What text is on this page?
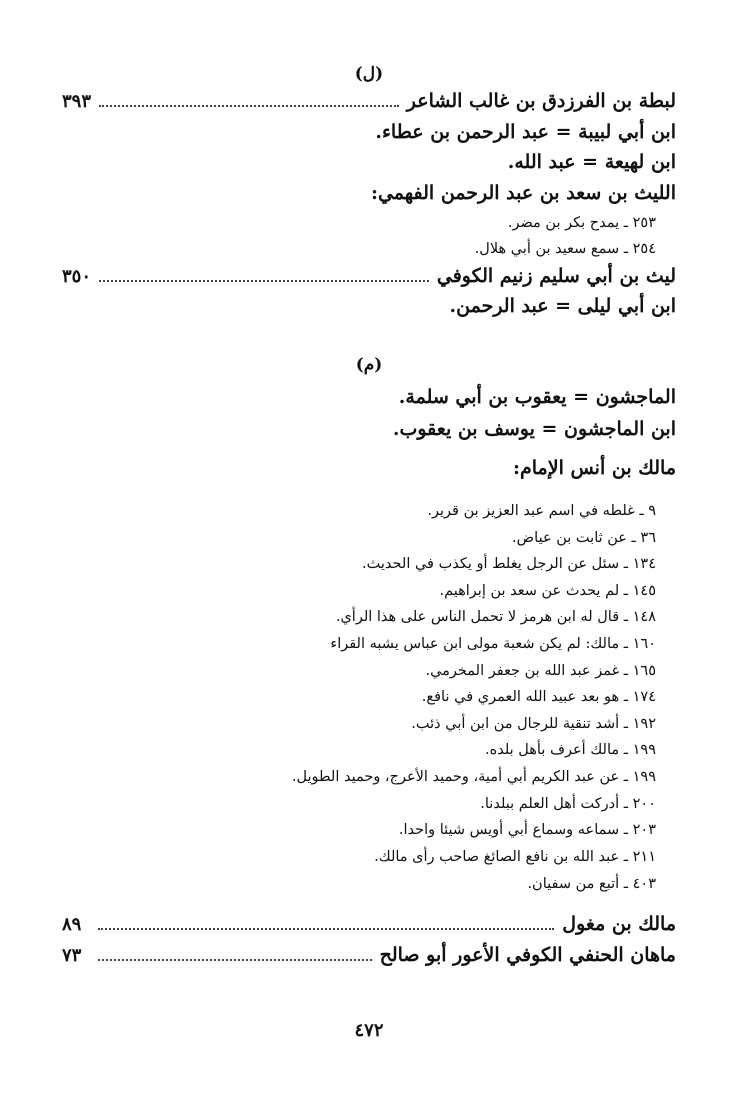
(ل)
لبطة بن الفرزدق بن غالب الشاعر
٣٩٣
ابن أبي لبيبة = عبد الرحمن بن عطاء.
ابن لهيعة = عبد الله.
الليث بن سعد بن عبد الرحمن الفهمي:
٢٥٣ ـ يمدح بكر بن مضر.
٢٥٤ ـ سمع سعيد بن أبي هلال.
ليث بن أبي سليم زنيم الكوفي
٣٥٠
ابن أبي ليلى = عبد الرحمن.
(م)
الماجشون = يعقوب بن أبي سلمة.
ابن الماجشون = يوسف بن يعقوب.
مالك بن أنس الإمام:
٩ ـ غلطه في اسم عبد العزيز بن قرير.
٣٦ ـ عن ثابت بن عياض.
١٣٤ ـ سئل عن الرجل يغلط أو يكذب في الحديث.
١٤٥ ـ لم يحدث عن سعد بن إبراهيم.
١٤٨ ـ قال له ابن هرمز لا تحمل الناس على هذا الرأي.
١٦٠ ـ مالك: لم يكن شعبة مولى ابن عباس يشبه القراء
١٦٥ ـ غمز عبد الله بن جعفر المخرمي.
١٧٤ ـ هو بعد عبيد الله العمري في نافع.
١٩٢ ـ أشد تنقية للرجال من ابن أبي ذئب.
١٩٩ ـ مالك أعرف بأهل بلده.
١٩٩ ـ عن عبد الكريم أبي أمية، وحميد الأعرج، وحميد الطويل.
٢٠٠ ـ أدركت أهل العلم ببلدنا.
٢٠٣ ـ سماعه وسماع أبي أويس شيئا واحدا.
٢١١ ـ عبد الله بن نافع الصائغ صاحب رأى مالك.
٤٠٣ ـ أتبع من سفيان.
مالك بن مغول
٨٩
ماهان الحنفي الكوفي الأعور أبو صالح
٧٣
٤٧٢
